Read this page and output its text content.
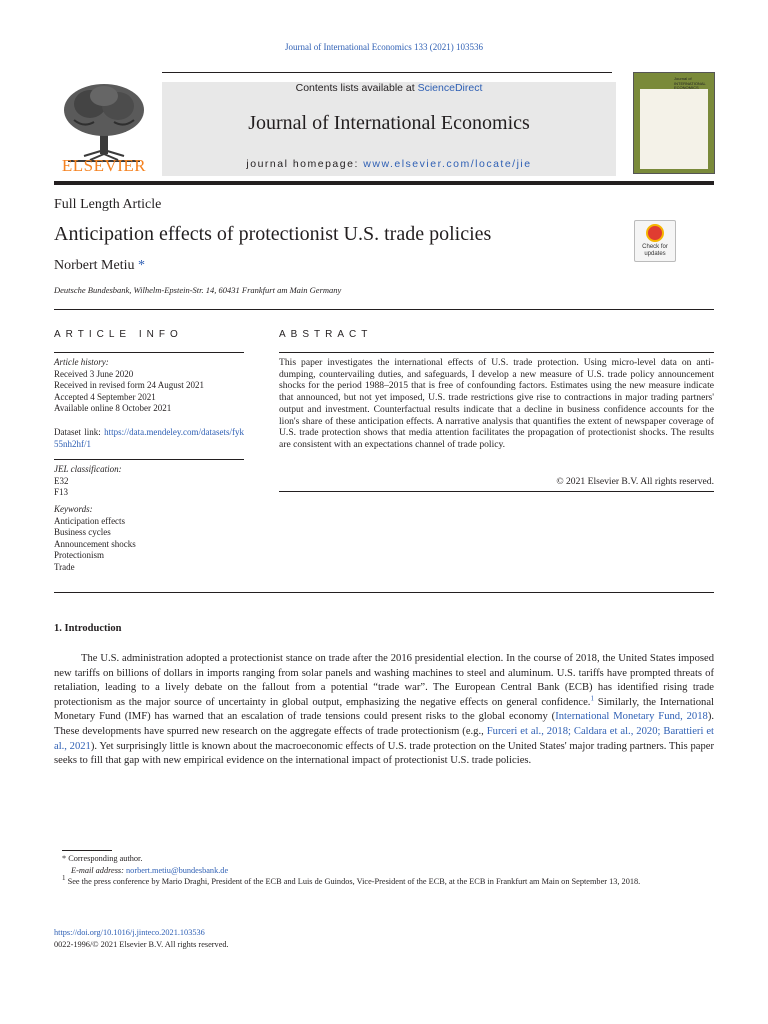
Journal of International Economics 133 (2021) 103536
ELSEVIER
Contents lists available at ScienceDirect
Journal of International Economics
journal homepage: www.elsevier.com/locate/jie
Journal of INTERNATIONAL ECONOMICS
Full Length Article
Anticipation effects of protectionist U.S. trade policies
Norbert Metiu *
Deutsche Bundesbank, Wilhelm-Epstein-Str. 14, 60431 Frankfurt am Main Germany
Check for updates
ARTICLE INFO	ABSTRACT
Article history:
Received 3 June 2020
Received in revised form 24 August 2021
Accepted 4 September 2021
Available online 8 October 2021
Dataset link: https://data.mendeley.com/datasets/fyk55nh2hf/1
JEL classification:
E32
F13
Keywords:
Anticipation effects
Business cycles
Announcement shocks
Protectionism
Trade
This paper investigates the international effects of U.S. trade protection. Using micro-level data on anti-dumping, countervailing duties, and safeguards, I develop a new measure of U.S. trade policy announcement shocks for the period 1988–2015 that is free of confounding factors. Estimates using the new measure indicate that announced, but not yet imposed, U.S. trade restrictions give rise to contractions in major trading partners' output and investment. Counterfactual results indicate that a decline in business confidence accounts for the lion's share of these anticipation effects. A narrative analysis that quantifies the extent of newspaper coverage of U.S. trade protection shows that media attention facilitates the propagation of protectionist shocks. The results are consistent with an expectations channel of trade policy.
© 2021 Elsevier B.V. All rights reserved.
1. Introduction
The U.S. administration adopted a protectionist stance on trade after the 2016 presidential election. In the course of 2018, the United States imposed new tariffs on billions of dollars in imports ranging from solar panels and washing machines to steel and aluminum. U.S. tariffs have prompted threats of retaliation, leading to a lively debate on the fallout from a potential “trade war”. The European Central Bank (ECB) has identified rising trade protectionism as the major source of uncertainty in global output, emphasizing the negative effects on general confidence.$^1$ Similarly, the International Monetary Fund (IMF) has warned that an escalation of trade tensions could present risks to the global economy (International Monetary Fund, 2018). These developments have spurred new research on the aggregate effects of trade protectionism (e.g., Furceri et al., 2018; Caldara et al., 2020; Barattieri et al., 2021). Yet surprisingly little is known about the macroeconomic effects of U.S. trade protection on the United States' major trading partners. This paper seeks to fill that gap with new empirical evidence on the international impact of protectionist U.S. trade policies.
* Corresponding author.
E-mail address: norbert.metiu@bundesbank.de
$^1$ See the press conference by Mario Draghi, President of the ECB and Luis de Guindos, Vice-President of the ECB, at the ECB in Frankfurt am Main on September 13, 2018.
https://doi.org/10.1016/j.jinteco.2021.103536
0022-1996/© 2021 Elsevier B.V. All rights reserved.
